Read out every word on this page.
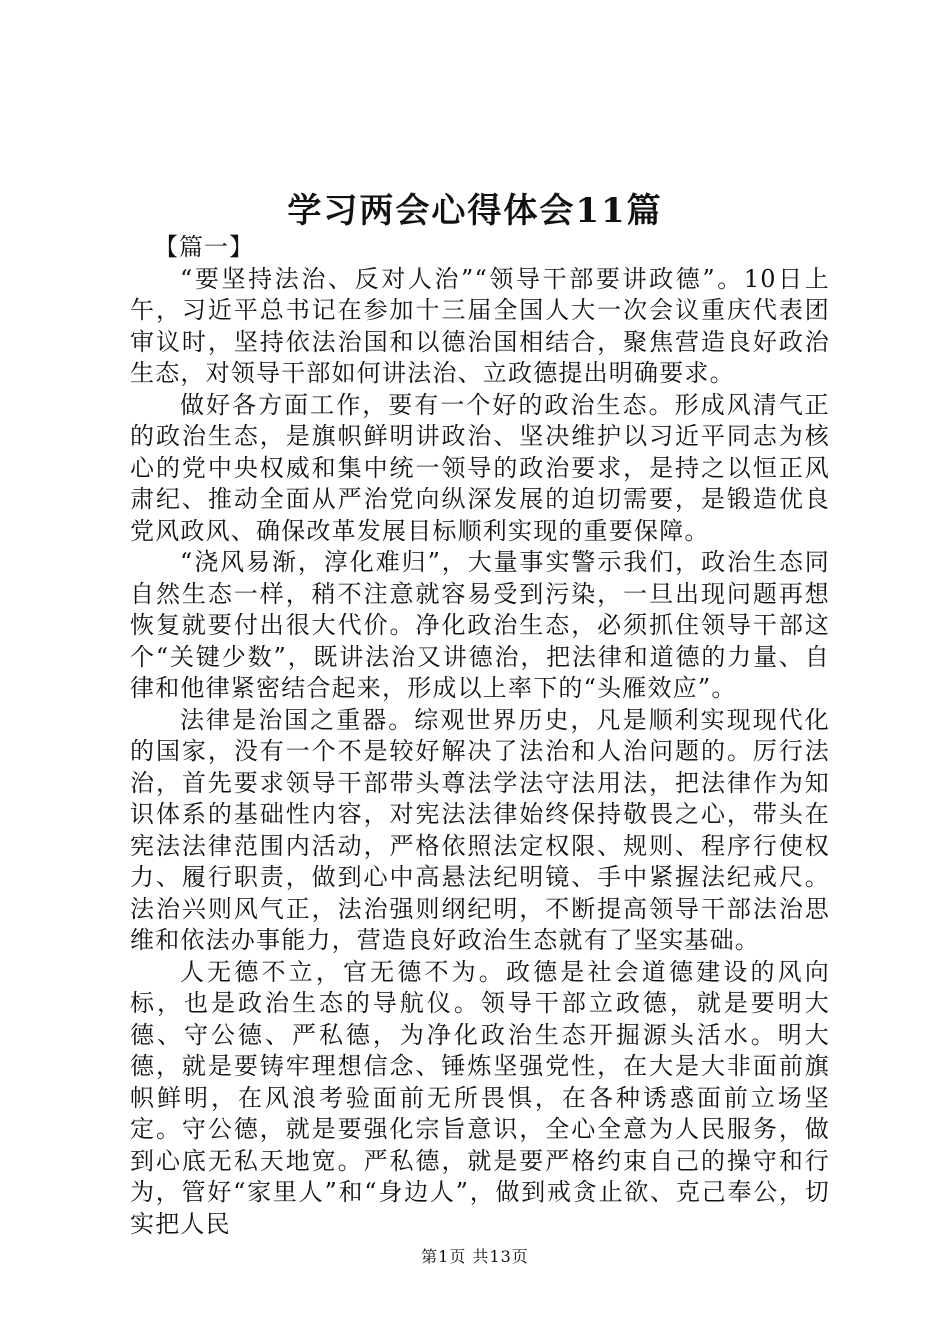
学习两会心得体会11篇

【篇一】

“要坚持法治、反对人治”“领导干部要讲政德”。10日上午，习近平总书记在参加十三届全国人大一次会议重庆代表团审议时，坚持依法治国和以德治国相结合，聚焦营造良好政治生态，对领导干部如何讲法治、立政德提出明确要求。

做好各方面工作，要有一个好的政治生态。形成风清气正的政治生态，是旗帜鲜明讲政治、坚决维护以习近平同志为核心的党中央权威和集中统一领导的政治要求，是持之以恒正风肃纪、推动全面从严治党向纵深发展的迫切需要，是锻造优良党风政风、确保改革发展目标顺利实现的重要保障。

“浇风易渐，淳化难归”，大量事实警示我们，政治生态同自然生态一样，稍不注意就容易受到污染，一旦出现问题再想恢复就要付出很大代价。净化政治生态，必须抓住领导干部这个“关键少数”，既讲法治又讲德治，把法律和道德的力量、自律和他律紧密结合起来，形成以上率下的“头雁效应”。

法律是治国之重器。综观世界历史，凡是顺利实现现代化的国家，没有一个不是较好解决了法治和人治问题的。厉行法治，首先要求领导干部带头尊法学法守法用法，把法律作为知识体系的基础性内容，对宪法法律始终保持敬畏之心，带头在宪法法律范围内活动，严格依照法定权限、规则、程序行使权力、履行职责，做到心中高悬法纪明镜、手中紧握法纪戒尺。法治兴则风气正，法治强则纲纪明，不断提高领导干部法治思维和依法办事能力，营造良好政治生态就有了坚实基础。

人无德不立，官无德不为。政德是社会道德建设的风向标，也是政治生态的导航仪。领导干部立政德，就是要明大德、守公德、严私德，为净化政治生态开掘源头活水。明大德，就是要铸牢理想信念、锤炼坚强党性，在大是大非面前旗帜鲜明，在风浪考验面前无所畏惧，在各种诱惑面前立场坚定。守公德，就是要强化宗旨意识，全心全意为人民服务，做到心底无私天地宽。严私德，就是要严格约束自己的操守和行为，管好“家里人”和“身边人”，做到戒贪止欲、克己奉公，切实把人民

第1页 共13页
